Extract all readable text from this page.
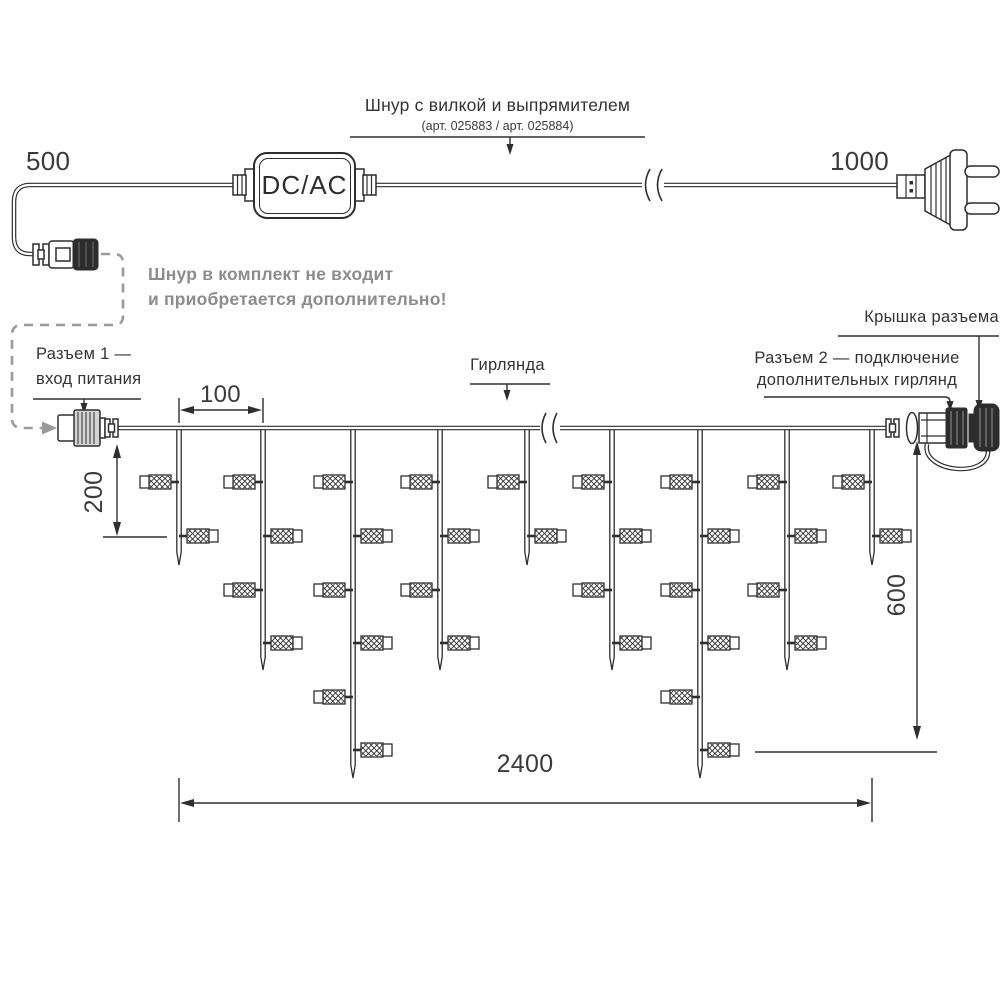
500	1000
Шнур с вилкой и выпрямителем
(арт. 025883 / арт. 025884)
DC/AC
Шнур в комплект не входит
и приобретается дополнительно!
Разъем 1 —
вход питания
Гирлянда
Крышка разъема
Разъем 2 — подключение
дополнительных гирлянд
100
200
600
2400
